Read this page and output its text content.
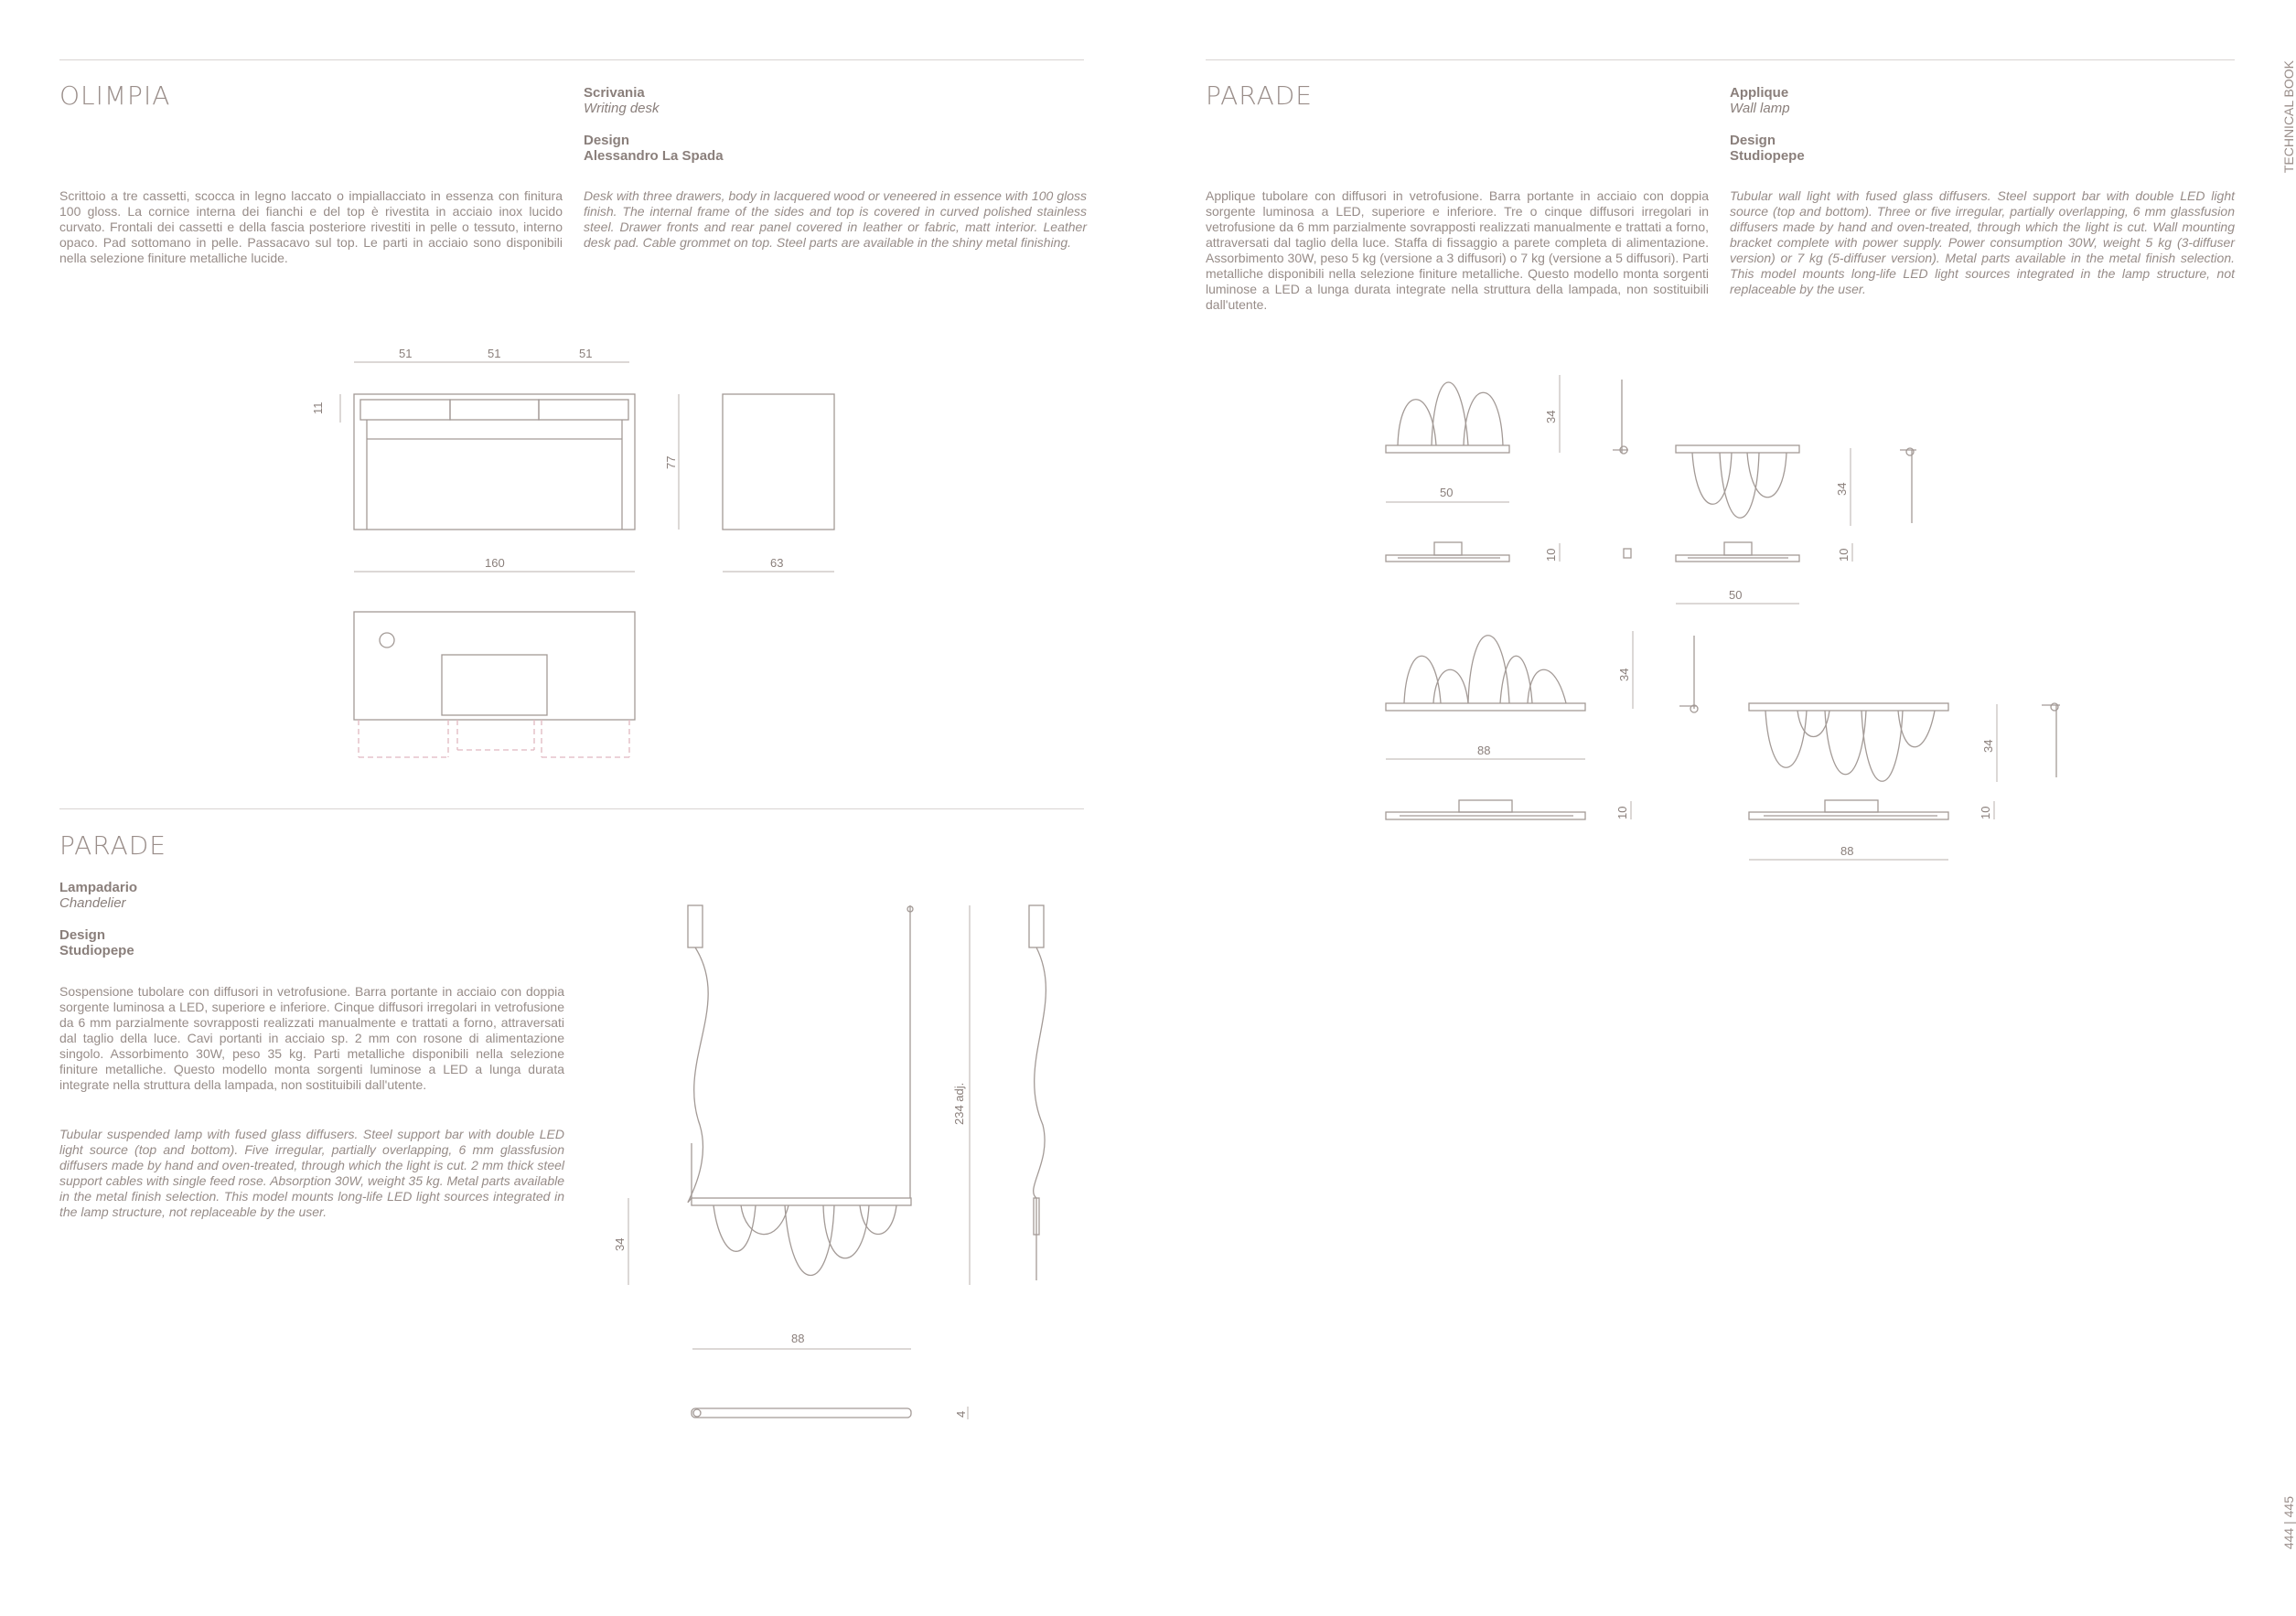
OLIMPIA	Scrivania
Writing desk
Design
Alessandro La Spada

Scrittoio a tre cassetti, scocca in legno laccato o impiallacciato in essenza con finitura 100 gloss. La cornice interna dei fianchi e del top è rivestita in acciaio inox lucido curvato. Frontali dei cassetti e della fascia posteriore rivestiti in pelle o tessuto, interno opaco. Pad sottomano in pelle. Passacavo sul top. Le parti in acciaio sono disponibili nella selezione finiture metalliche lucide.

Desk with three drawers, body in lacquered wood or veneered in essence with 100 gloss finish. The internal frame of the sides and top is covered in curved polished stainless steel. Drawer fronts and rear panel covered in leather or fabric, matt interior. Leather desk pad. Cable grommet on top. Steel parts are available in the shiny metal finishing.

PARADE
Lampadario
Chandelier
Design
Studiopepe

Sospensione tubolare con diffusori in vetrofusione. Barra portante in acciaio con doppia sorgente luminosa a LED, superiore e inferiore. Cinque diffusori irregolari in vetrofusione da 6 mm parzialmente sovrapposti realizzati manualmente e trattati a forno, attraversati dal taglio della luce. Cavi portanti in acciaio sp. 2 mm con rosone di alimentazione singolo. Assorbimento 30W, peso 35 kg. Parti metalliche disponibili nella selezione finiture metalliche. Questo modello monta sorgenti luminose a LED a lunga durata integrate nella struttura della lampada, non sostituibili dall'utente.

Tubular suspended lamp with fused glass diffusers. Steel support bar with double LED light source (top and bottom). Five irregular, partially overlapping, 6 mm glassfusion diffusers made by hand and oven-treated, through which the light is cut. 2 mm thick steel support cables with single feed rose. Absorption 30W, weight 35 kg. Metal parts available in the metal finish selection. This model mounts long-life LED light sources integrated in the lamp structure, not replaceable by the user.

PARADE	Applique
Wall lamp
Design
Studiopepe

Applique tubolare con diffusori in vetrofusione. Barra portante in acciaio con doppia sorgente luminosa a LED, superiore e inferiore. Tre o cinque diffusori irregolari in vetrofusione da 6 mm parzialmente sovrapposti realizzati manualmente e trattati a forno, attraversati dal taglio della luce. Staffa di fissaggio a parete completa di alimentazione. Assorbimento 30W, peso 5 kg (versione a 3 diffusori) o 7 kg (versione a 5 diffusori). Parti metalliche disponibili nella selezione finiture metalliche. Questo modello monta sorgenti luminose a LED a lunga durata integrate nella struttura della lampada, non sostituibili dall'utente.

Tubular wall light with fused glass diffusers. Steel support bar with double LED light source (top and bottom). Three or five irregular, partially overlapping, 6 mm glassfusion diffusers made by hand and oven-treated, through which the light is cut. Wall mounting bracket complete with power supply. Power consumption 30W, weight 5 kg (3-diffuser version) or 7 kg (5-diffuser version). Metal parts available in the metal finish selection. This model mounts long-life LED light sources integrated in the lamp structure, not replaceable by the user.

TECHNICAL BOOK
444 | 445
51	51	51
11
160
77
63
34
88
4
234 adj.
34
50
10
34
10
50
34
88
10
34
10
88
